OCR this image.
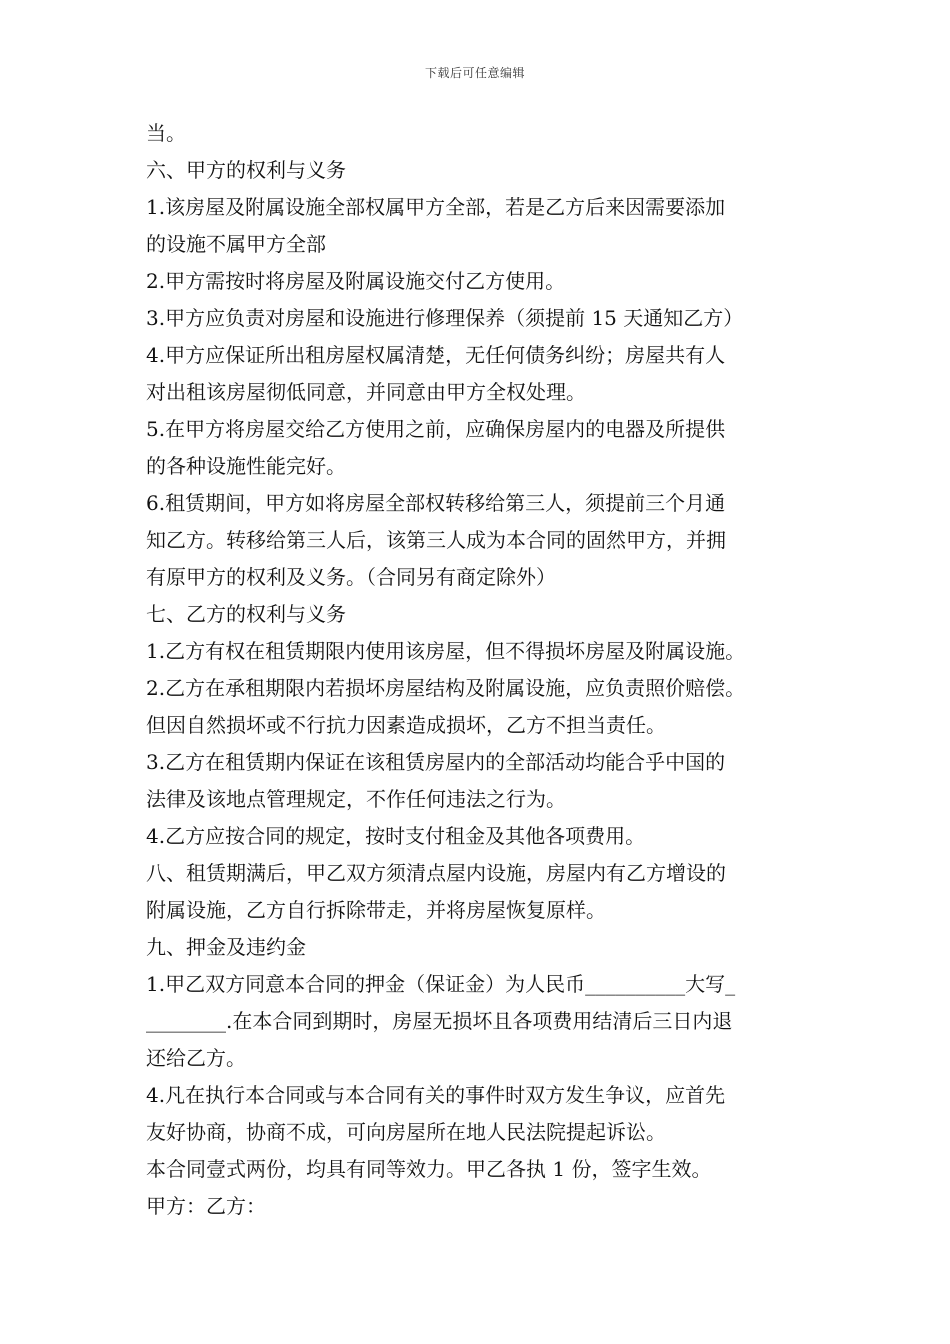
下载后可任意编辑
当。
六、甲方的权利与义务
1.该房屋及附属设施全部权属甲方全部，若是乙方后来因需要添加
的设施不属甲方全部
2.甲方需按时将房屋及附属设施交付乙方使用。
3.甲方应负责对房屋和设施进行修理保养（须提前 15 天通知乙方）
4.甲方应保证所出租房屋权属清楚，无任何债务纠纷；房屋共有人
对出租该房屋彻低同意，并同意由甲方全权处理。
5.在甲方将房屋交给乙方使用之前，应确保房屋内的电器及所提供
的各种设施性能完好。
6.租赁期间，甲方如将房屋全部权转移给第三人，须提前三个月通
知乙方。转移给第三人后，该第三人成为本合同的固然甲方，并拥
有原甲方的权利及义务。（合同另有商定除外）
七、乙方的权利与义务
1.乙方有权在租赁期限内使用该房屋，但不得损坏房屋及附属设施。
2.乙方在承租期限内若损坏房屋结构及附属设施，应负责照价赔偿。
但因自然损坏或不行抗力因素造成损坏，乙方不担当责任。
3.乙方在租赁期内保证在该租赁房屋内的全部活动均能合乎中国的
法律及该地点管理规定，不作任何违法之行为。
4.乙方应按合同的规定，按时支付租金及其他各项费用。
八、租赁期满后，甲乙双方须清点屋内设施，房屋内有乙方增设的
附属设施，乙方自行拆除带走，并将房屋恢复原样。
九、押金及违约金
1.甲乙双方同意本合同的押金（保证金）为人民币__________大写_
________.在本合同到期时，房屋无损坏且各项费用结清后三日内退
还给乙方。
4.凡在执行本合同或与本合同有关的事件时双方发生争议，应首先
友好协商，协商不成，可向房屋所在地人民法院提起诉讼。
本合同壹式两份，均具有同等效力。甲乙各执 1 份，签字生效。
甲方：乙方：
